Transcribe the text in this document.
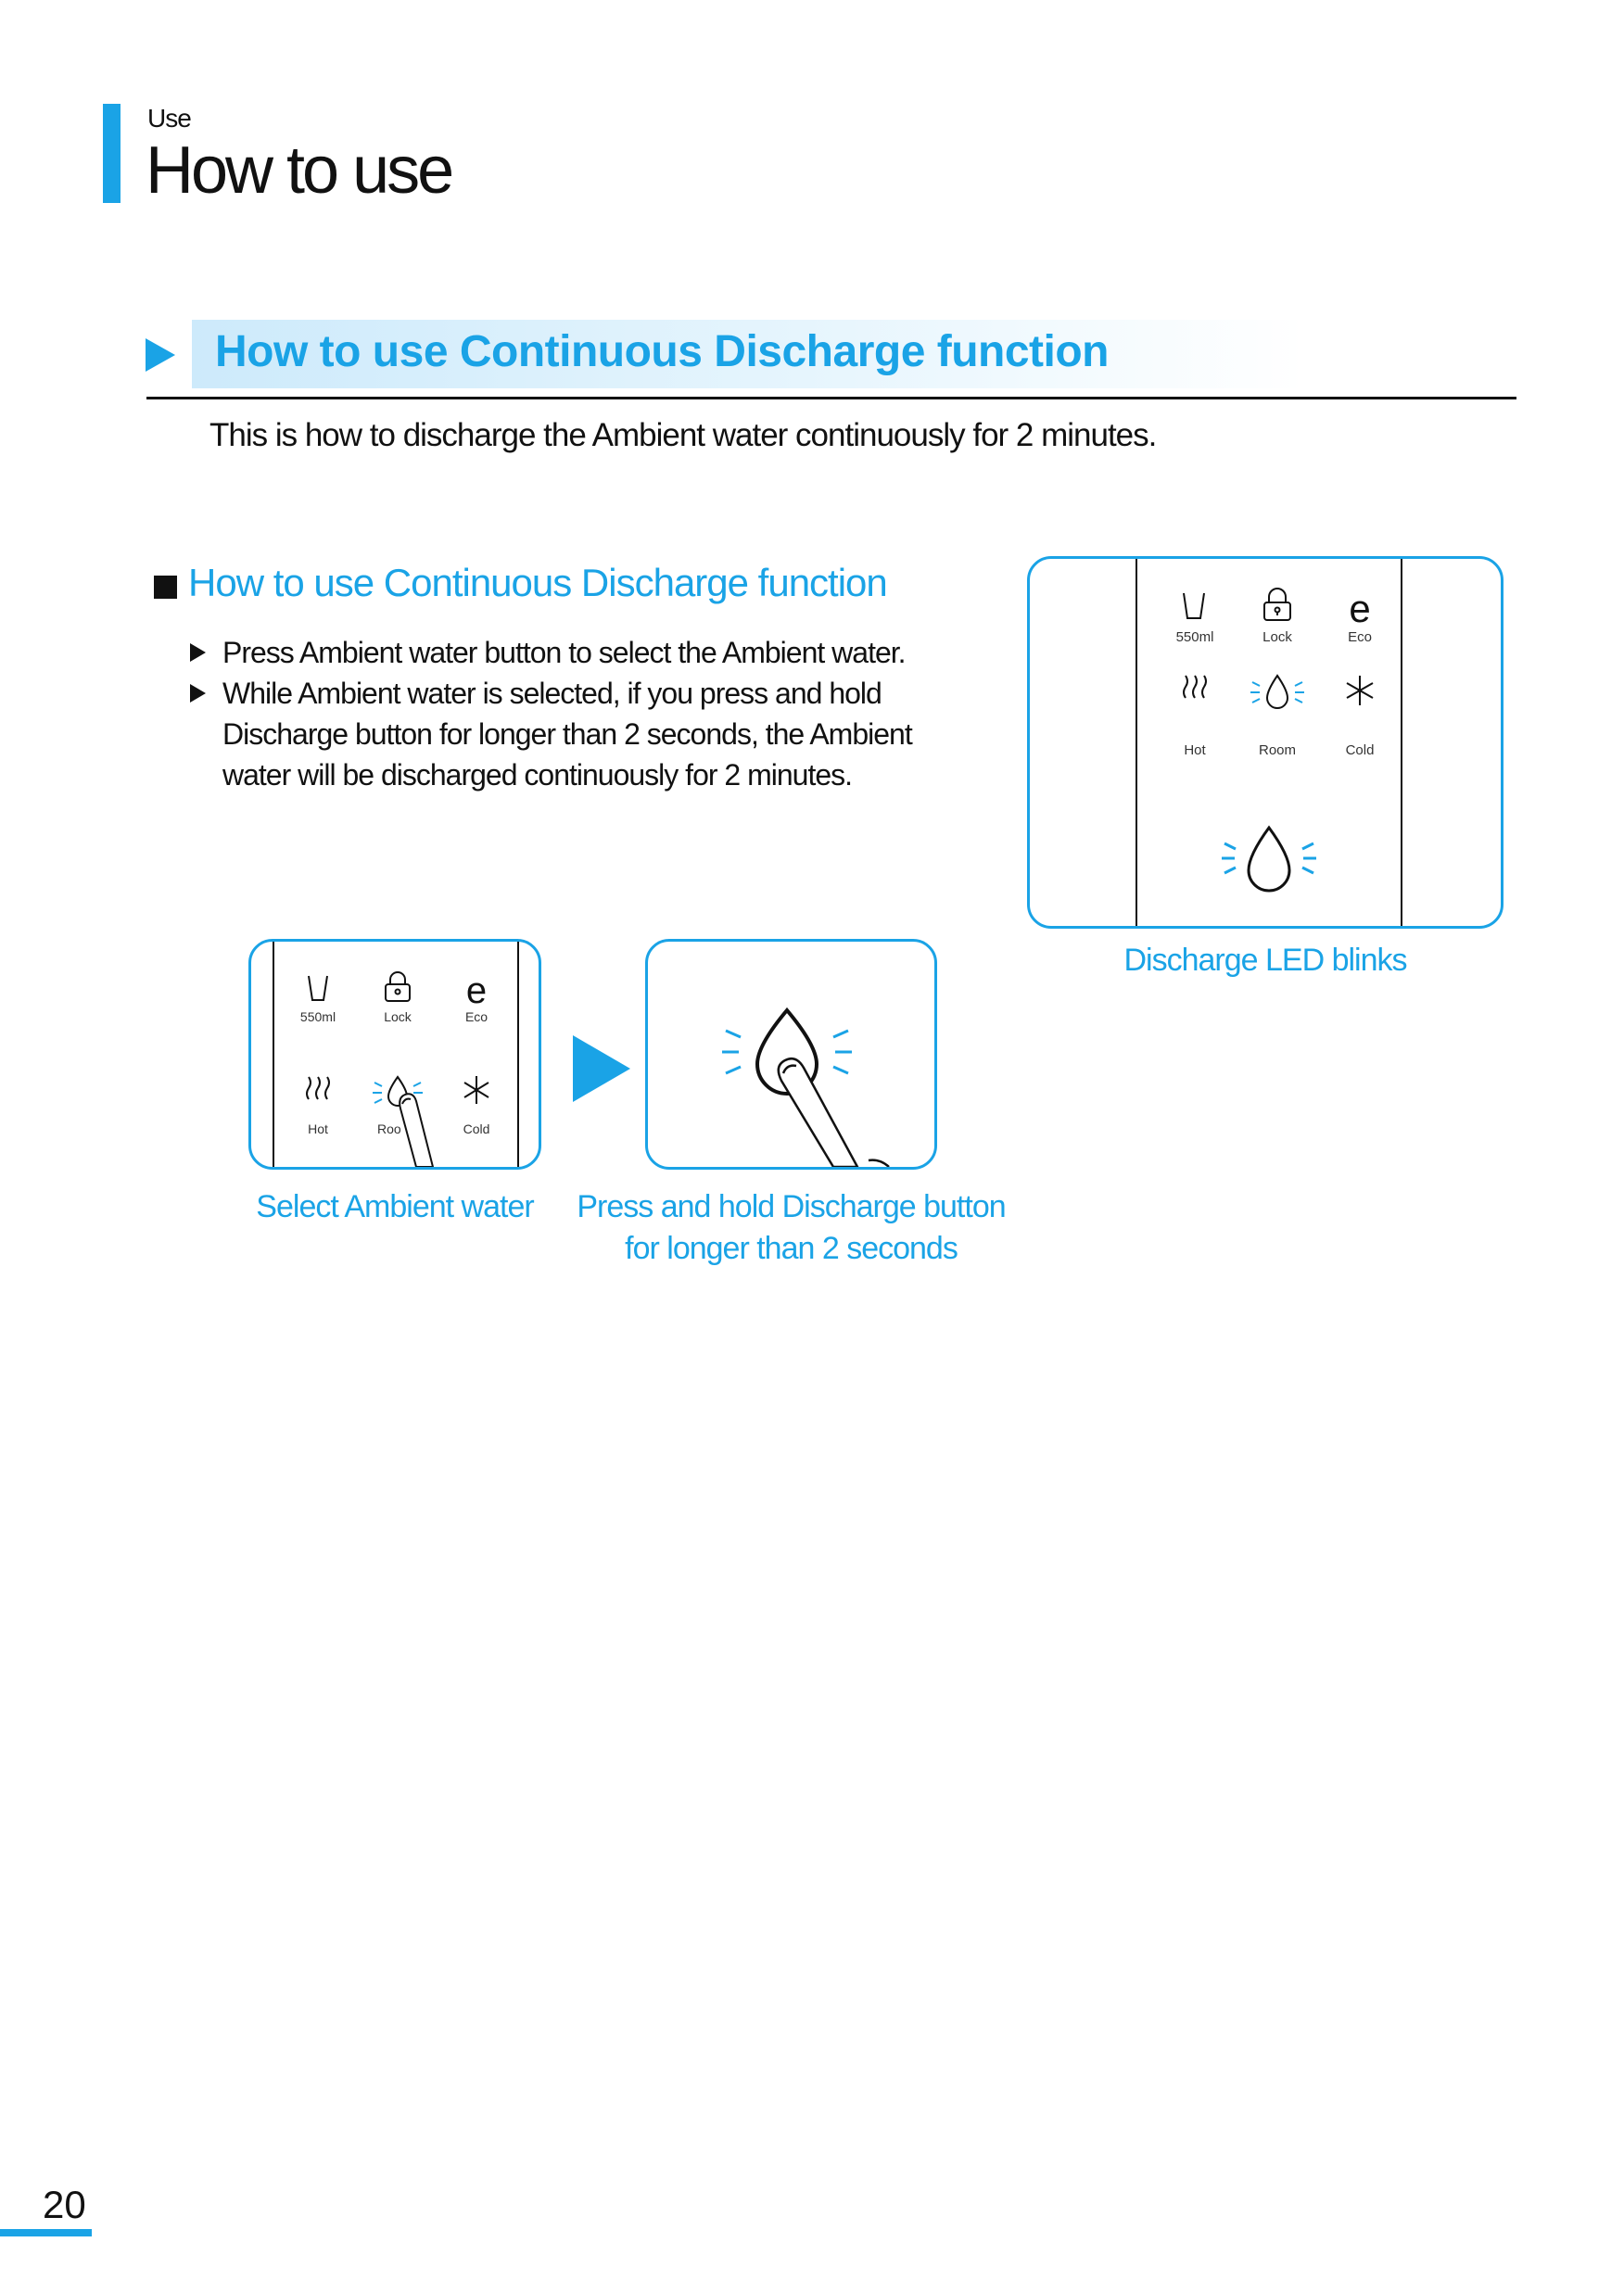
Use
How to use
How to use Continuous Discharge function
This is how to discharge the Ambient water continuously for 2 minutes.
How to use Continuous Discharge function
Press Ambient water button to select the Ambient water.
While Ambient water is selected, if you press and hold Discharge button for longer than 2 seconds, the Ambient water will be discharged continuously for 2 minutes.
550ml	Lock
e
Eco
Hot	Room	Cold
Discharge LED blinks
550ml	Lock
e
Eco
Hot	Roo	Cold
Select Ambient water	Press and hold Discharge button
for longer than 2 seconds
20
